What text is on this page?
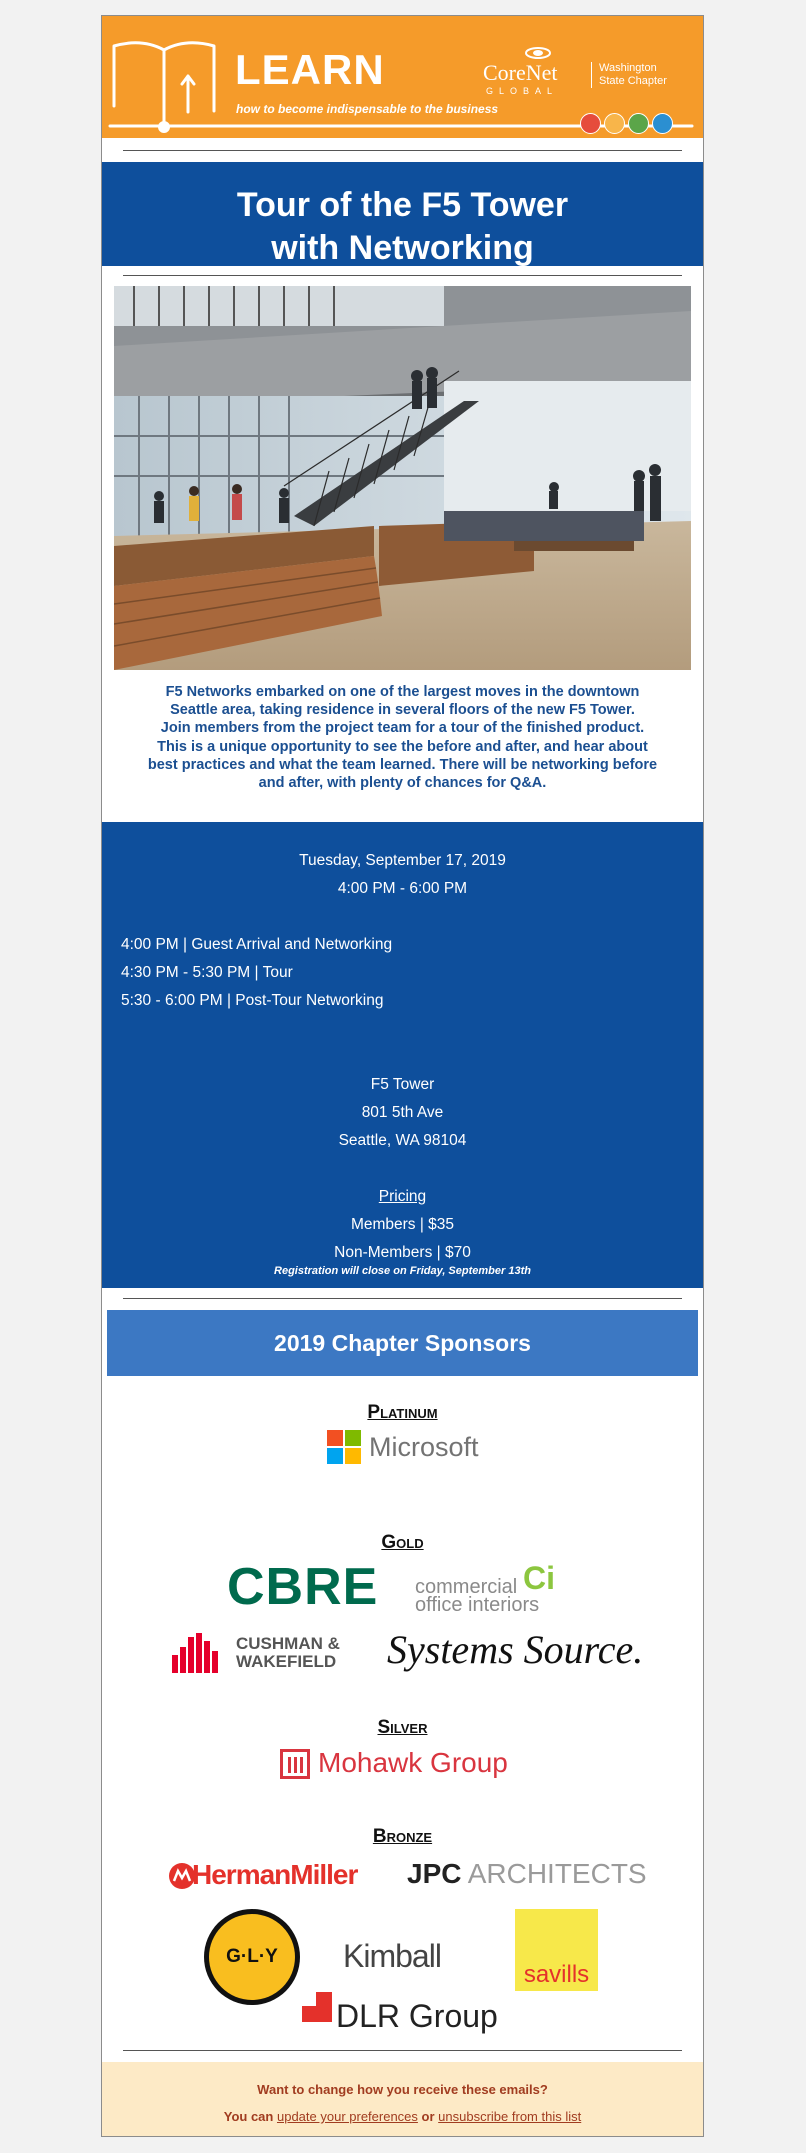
LEARN
how to become indispensable to the business
CoreNet
GLOBAL
Washington State Chapter
Tour of the F5 Tower
with Networking
F5 Networks embarked on one of the largest moves in the downtown
Seattle area, taking residence in several floors of the new F5 Tower.
Join members from the project team for a tour of the finished product.
This is a unique opportunity to see the before and after, and hear about
best practices and what the team learned. There will be networking before
and after, with plenty of chances for Q&A.
Tuesday, September 17, 2019
4:00 PM - 6:00 PM
4:00 PM | Guest Arrival and Networking
4:30 PM - 5:30 PM | Tour
5:30 - 6:00 PM | Post-Tour Networking
F5 Tower
801 5th Ave
Seattle, WA 98104
Pricing
Members | $35
Non-Members | $70
Registration will close on Friday, September 13th
2019 Chapter Sponsors
Platinum
Microsoft
Gold
CBRE commercial office interiors
Ci
CUSHMAN & WAKEFIELD	Systems Source.
Silver
Mohawk Group
Bronze
HermanMiller JPC ARCHITECTS
G·L·Y	Kimball
savills
DLR Group
Want to change how you receive these emails?
You can update your preferences or unsubscribe from this list
